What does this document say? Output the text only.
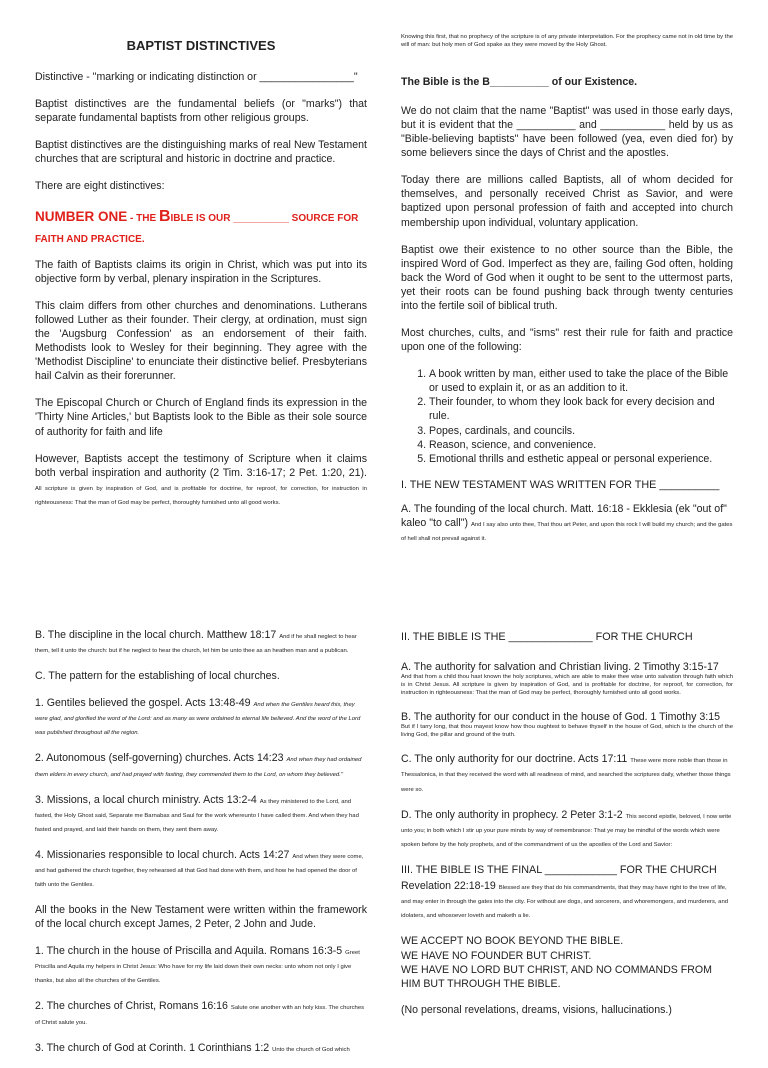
BAPTIST DISTINCTIVES

Distinctive - "marking or indicating distinction or ________________"

Baptist distinctives are the fundamental beliefs (or "marks") that separate fundamental baptists from other religious groups.

Baptist distinctives are the distinguishing marks of real New Testament churches that are scriptural and historic in doctrine and practice.

There are eight distinctives:

NUMBER ONE - THE BIBLE IS OUR __________ SOURCE FOR FAITH AND PRACTICE.

The faith of Baptists claims its origin in Christ, which was put into its objective form by verbal, plenary inspiration in the Scriptures.

This claim differs from other churches and denominations. Lutherans followed Luther as their founder. Their clergy, at ordination, must sign the 'Augsburg Confession' as an endorsement of their faith. Methodists look to Wesley for their beginning. They agree with the 'Methodist Discipline' to enunciate their distinctive belief. Presbyterians hail Calvin as their forerunner.

The Episcopal Church or Church of England finds its expression in the 'Thirty Nine Articles,' but Baptists look to the Bible as their sole source of authority for faith and life

However, Baptists accept the testimony of Scripture when it claims both verbal inspiration and authority (2 Tim. 3:16-17; 2 Pet. 1:20, 21). All scripture is given by inspiration of God, and is profitable for doctrine, for reproof, for correction, for instruction in righteousness: That the man of God may be perfect, thoroughly furnished unto all good works.

Knowing this first, that no prophecy of the scripture is of any private interpretation. For the prophecy came not in old time by the will of man: but holy men of God spake as they were moved by the Holy Ghost.

The Bible is the B__________ of our Existence.

We do not claim that the name "Baptist" was used in those early days, but it is evident that the __________ and ___________ held by us as "Bible-believing baptists" have been followed (yea, even died for) by some believers since the days of Christ and the apostles.

Today there are millions called Baptists, all of whom decided for themselves, and personally received Christ as Savior, and were baptized upon personal profession of faith and accepted into church membership upon individual, voluntary application.

Baptist owe their existence to no other source than the Bible, the inspired Word of God. Imperfect as they are, failing God often, holding back the Word of God when it ought to be sent to the uttermost parts, yet their roots can be found pushing back through twenty centuries into the fertile soil of biblical truth.

Most churches, cults, and "isms" rest their rule for faith and practice upon one of the following:

1. A book written by man, either used to take the place of the Bible or used to explain it, or as an addition to it.
2. Their founder, to whom they look back for every decision and rule.
3. Popes, cardinals, and councils.
4. Reason, science, and convenience.
5. Emotional thrills and esthetic appeal or personal experience.

I. THE NEW TESTAMENT WAS WRITTEN FOR THE __________

A. The founding of the local church. Matt. 16:18 - Ekklesia (ek "out of" kaleo "to call") And I say also unto thee, That thou art Peter, and upon this rock I will build my church; and the gates of hell shall not prevail against it.

B. The discipline in the local church. Matthew 18:17 And if he shall neglect to hear them, tell it unto the church: but if he neglect to hear the church, let him be unto thee as an heathen man and a publican.

C. The pattern for the establishing of local churches.

1. Gentiles believed the gospel. Acts 13:48-49 And when the Gentiles heard this, they were glad, and glorified the word of the Lord: and as many as were ordained to eternal life believed. And the word of the Lord was published throughout all the region.

2. Autonomous (self-governing) churches. Acts 14:23 And when they had ordained them elders in every church, and had prayed with fasting, they commended them to the Lord, on whom they believed."

3. Missions, a local church ministry. Acts 13:2-4 As they ministered to the Lord, and fasted, the Holy Ghost said, Separate me Barnabas and Saul for the work whereunto I have called them. And when they had fasted and prayed, and laid their hands on them, they sent them away.

4. Missionaries responsible to local church. Acts 14:27 And when they were come, and had gathered the church together, they rehearsed all that God had done with them, and how he had opened the door of faith unto the Gentiles.

All the books in the New Testament were written within the framework of the local church except James, 2 Peter, 2 John and Jude.

1. The church in the house of Priscilla and Aquila. Romans 16:3-5 Greet Priscilla and Aquila my helpers in Christ Jesus: Who have for my life laid down their own necks: unto whom not only I give thanks, but also all the churches of the Gentiles.

2. The churches of Christ, Romans 16:16 Salute one another with an holy kiss. The churches of Christ salute you.

3. The church of God at Corinth. 1 Corinthians 1:2 Unto the church of God which

II. THE BIBLE IS THE ______________ FOR THE CHURCH

A. The authority for salvation and Christian living. 2 Timothy 3:15-17

And that from a child thou hast known the holy scriptures, which are able to make thee wise unto salvation through faith which is in Christ Jesus. All scripture is given by inspiration of God, and is profitable for doctrine, for reproof, for correction, for instruction in righteousness: That the man of God may be perfect, thoroughly furnished unto all good works.

B. The authority for our conduct in the house of God. 1 Timothy 3:15

But if I tarry long, that thou mayest know how thou oughtest to behave thyself in the house of God, which is the church of the living God, the pillar and ground of the truth.

C. The only authority for our doctrine. Acts 17:11 These were more noble than those in Thessalonica, in that they received the word with all readiness of mind, and searched the scriptures daily, whether those things were so.

D. The only authority in prophecy. 2 Peter 3:1-2 This second epistle, beloved, I now write unto you; in both which I stir up your pure minds by way of remembrance: That ye may be mindful of the words which were spoken before by the holy prophets, and of the commandment of us the apostles of the Lord and Savior:

III. THE BIBLE IS THE FINAL ____________ FOR THE CHURCH

Revelation 22:18-19 Blessed are they that do his commandments, that they may have right to the tree of life, and may enter in through the gates into the city. For without are dogs, and sorcerers, and whoremongers, and murderers, and idolaters, and whosoever loveth and maketh a lie.

WE ACCEPT NO BOOK BEYOND THE BIBLE.
WE HAVE NO FOUNDER BUT CHRIST.
WE HAVE NO LORD BUT CHRIST, AND NO COMMANDS FROM HIM BUT THROUGH THE BIBLE.

(No personal revelations, dreams, visions, hallucinations.)
